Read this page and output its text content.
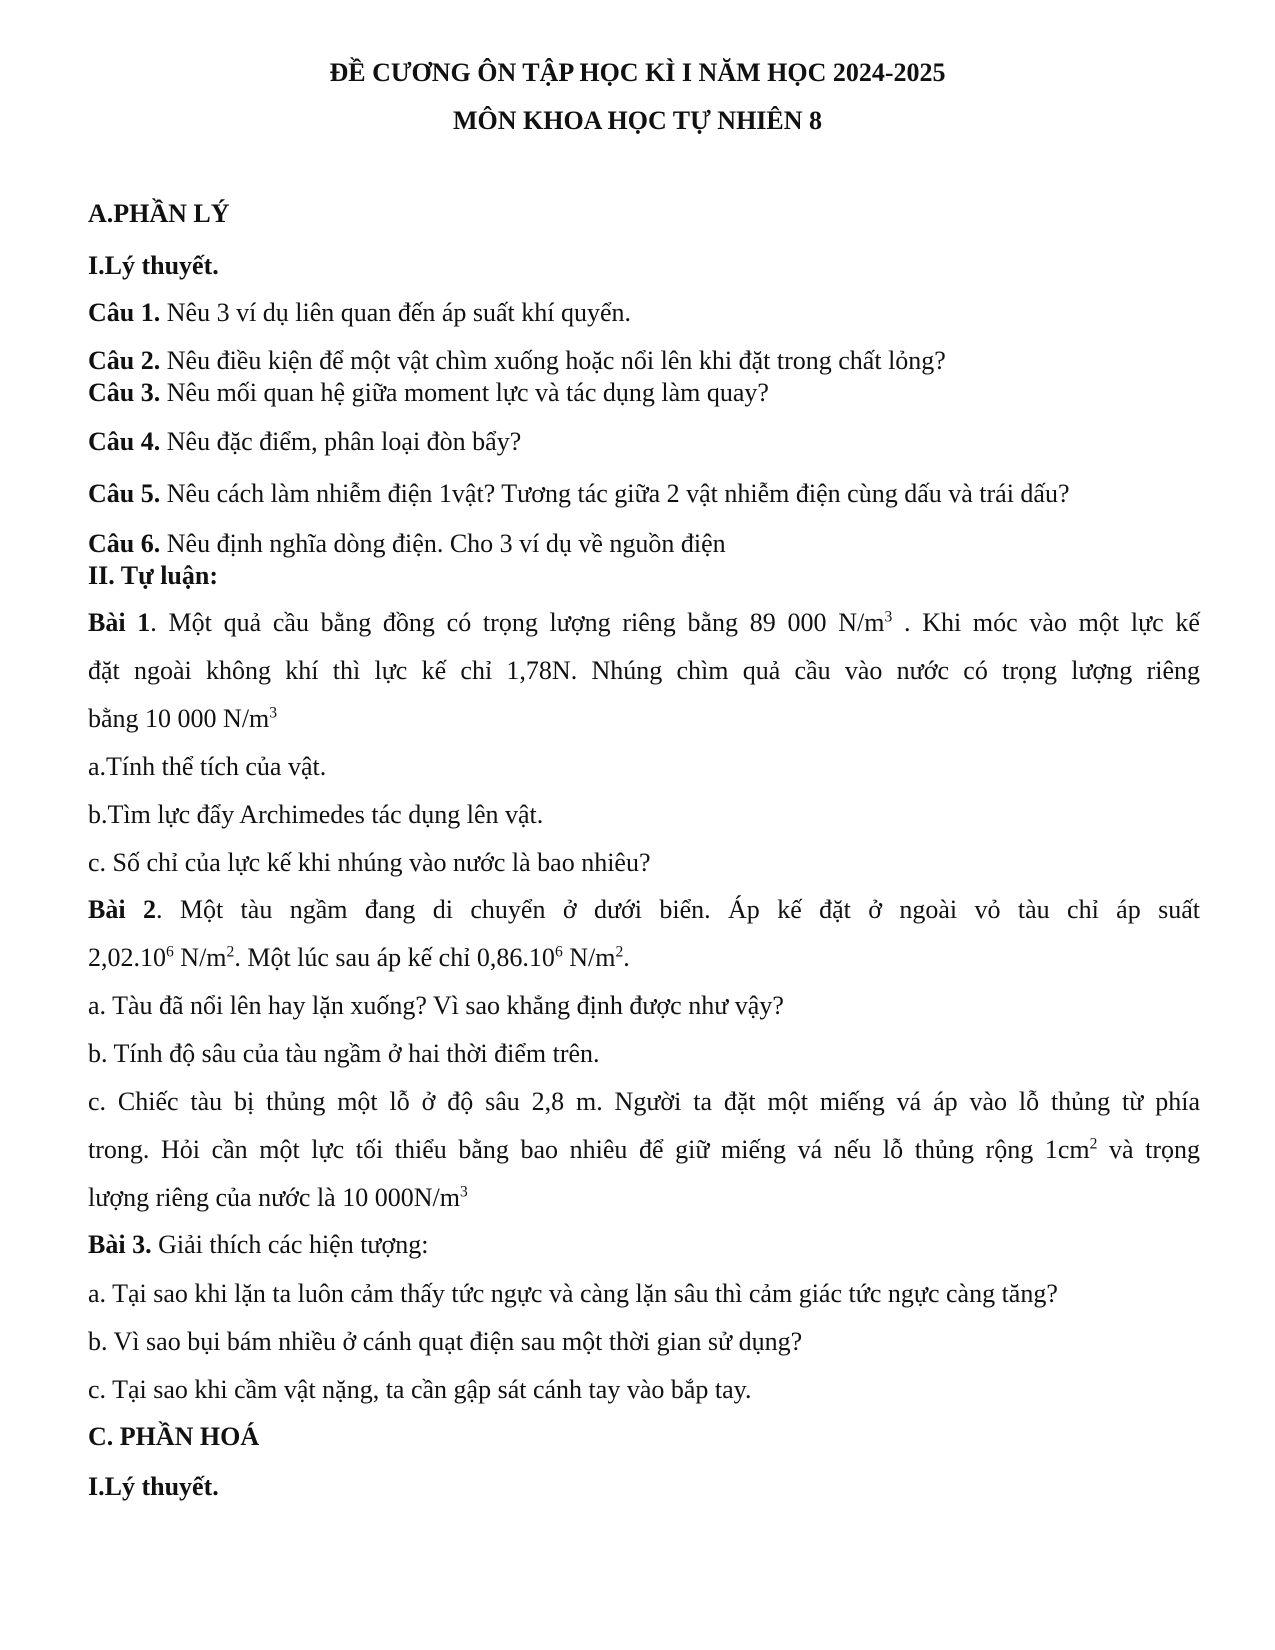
ĐỀ CƯƠNG ÔN TẬP HỌC KÌ I NĂM HỌC 2024-2025
MÔN KHOA HỌC TỰ NHIÊN 8
A.PHẦN LÝ
I.Lý thuyết.
Câu 1. Nêu 3 ví dụ liên quan đến áp suất khí quyển.
Câu 2. Nêu điều kiện để một vật chìm xuống hoặc nổi lên khi đặt trong chất lỏng?
Câu 3. Nêu mối quan hệ giữa moment lực và tác dụng làm quay?
Câu 4. Nêu đặc điểm, phân loại đòn bẩy?
Câu 5. Nêu cách làm nhiễm điện 1vật? Tương tác giữa 2 vật nhiễm điện cùng dấu và trái dấu?
Câu 6. Nêu định nghĩa dòng điện. Cho 3 ví dụ về nguồn điện
II. Tự luận:
Bài 1. Một quả cầu bằng đồng có trọng lượng riêng bằng 89 000 $N/m^3$ . Khi móc vào một lực kế
đặt ngoài không khí thì lực kế chỉ 1,78N. Nhúng chìm quả cầu vào nước có trọng lượng riêng
bằng 10 000 $N/m^3$
a.Tính thể tích của vật.
b.Tìm lực đẩy Archimedes tác dụng lên vật.
c. Số chỉ của lực kế khi nhúng vào nước là bao nhiêu?
Bài 2. Một tàu ngầm đang di chuyển ở dưới biển. Áp kế đặt ở ngoài vỏ tàu chỉ áp suất
2,02.10$^6$ $N/m^2$. Một lúc sau áp kế chỉ 0,86.10$^6$ $N/m^2$.
a. Tàu đã nổi lên hay lặn xuống? Vì sao khẳng định được như vậy?
b. Tính độ sâu của tàu ngầm ở hai thời điểm trên.
c. Chiếc tàu bị thủng một lỗ ở độ sâu 2,8 m. Người ta đặt một miếng vá áp vào lỗ thủng từ phía
trong. Hỏi cần một lực tối thiểu bằng bao nhiêu để giữ miếng vá nếu lỗ thủng rộng $1cm^2$ và trọng
lượng riêng của nước là 10 $000N/m^3$
Bài 3. Giải thích các hiện tượng:
a. Tại sao khi lặn ta luôn cảm thấy tức ngực và càng lặn sâu thì cảm giác tức ngực càng tăng?
b. Vì sao bụi bám nhiều ở cánh quạt điện sau một thời gian sử dụng?
c. Tại sao khi cầm vật nặng, ta cần gập sát cánh tay vào bắp tay.
C. PHẦN HOÁ
I.Lý thuyết.
